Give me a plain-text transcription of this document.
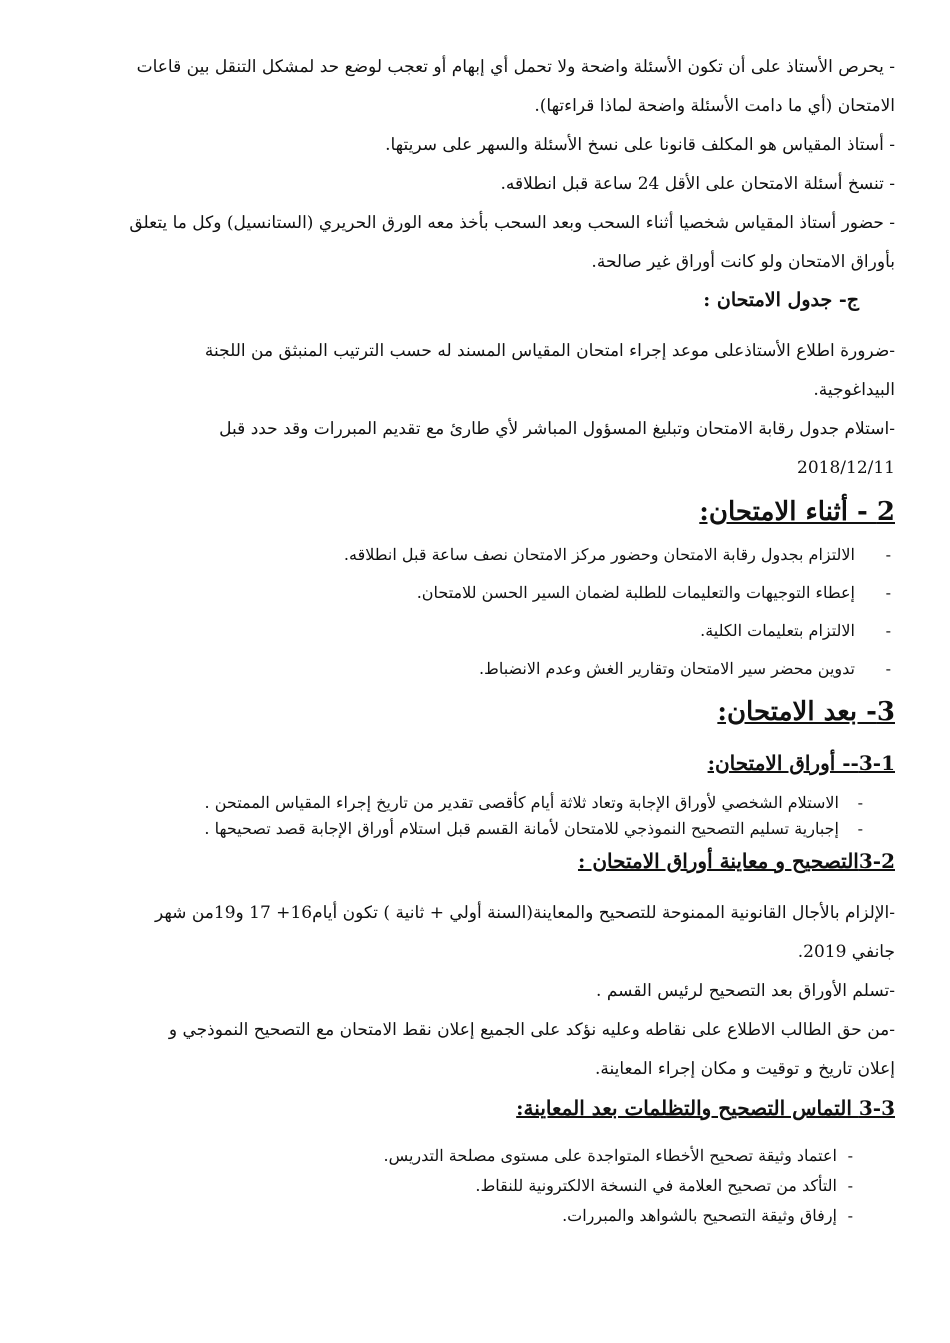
- يحرص الأستاذ على أن تكون الأسئلة واضحة ولا تحمل أي إبهام أو تعجب لوضع حد لمشكل التنقل بين قاعات
الامتحان (أي ما دامت الأسئلة واضحة لماذا قراءتها).

- أستاذ المقياس هو المكلف قانونا على نسخ الأسئلة والسهر على سريتها.

- تنسخ أسئلة الامتحان على الأقل 24 ساعة قبل انطلاقه.

- حضور أستاذ المقياس شخصيا أثناء السحب وبعد السحب بأخذ معه الورق الحريري (الستانسيل) وكل ما يتعلق
بأوراق الامتحان ولو كانت أوراق غير صالحة.

ج- جدول الامتحان :

-ضرورة اطلاع الأستاذعلى موعد إجراء امتحان المقياس المسند له حسب الترتيب المنبثق من اللجنة
البيداغوجية.

-استلام جدول رقابة الامتحان وتبليغ المسؤول المباشر لأي طارئ مع تقديم المبررات وقد حدد قبل
2018/12/11

2 - أثناء الامتحان:
-
الالتزام بجدول رقابة الامتحان وحضور مركز الامتحان نصف ساعة قبل انطلاقه.
-
إعطاء التوجيهات والتعليمات للطلبة لضمان السير الحسن للامتحان.
-
الالتزام بتعليمات الكلية.
-
تدوين محضر سير الامتحان وتقارير الغش وعدم الانضباط.
3- بعد الامتحان:
3-1-- أوراق الامتحان:
-
الاستلام الشخصي لأوراق الإجابة وتعاد ثلاثة أيام كأقصى تقدير من تاريخ إجراء المقياس الممتحن .
-
إجبارية تسليم التصحيح النموذجي للامتحان لأمانة القسم قبل استلام أوراق الإجابة قصد تصحيحها .
3-2التصحيح و معاينة أوراق الامتحان :

-الإلزام بالأجال القانونية الممنوحة للتصحيح والمعاينة(السنة أولي + ثانية ) تكون أيام16+ 17 و19من شهر
جانفي 2019.

-تسلم الأوراق بعد التصحيح لرئيس القسم .

-من حق الطالب الاطلاع على نقاطه وعليه نؤكد على الجميع إعلان نقط الامتحان مع التصحيح النموذجي و
إعلان تاريخ و توقيت و مكان إجراء المعاينة.

3-3 التماس التصحيح والتظلمات بعد المعاينة:
-
اعتماد وثيقة تصحيح الأخطاء المتواجدة على مستوى مصلحة التدريس.
-
التأكد من تصحيح العلامة في النسخة الالكترونية للنقاط.
-
إرفاق وثيقة التصحيح بالشواهد والمبررات.
